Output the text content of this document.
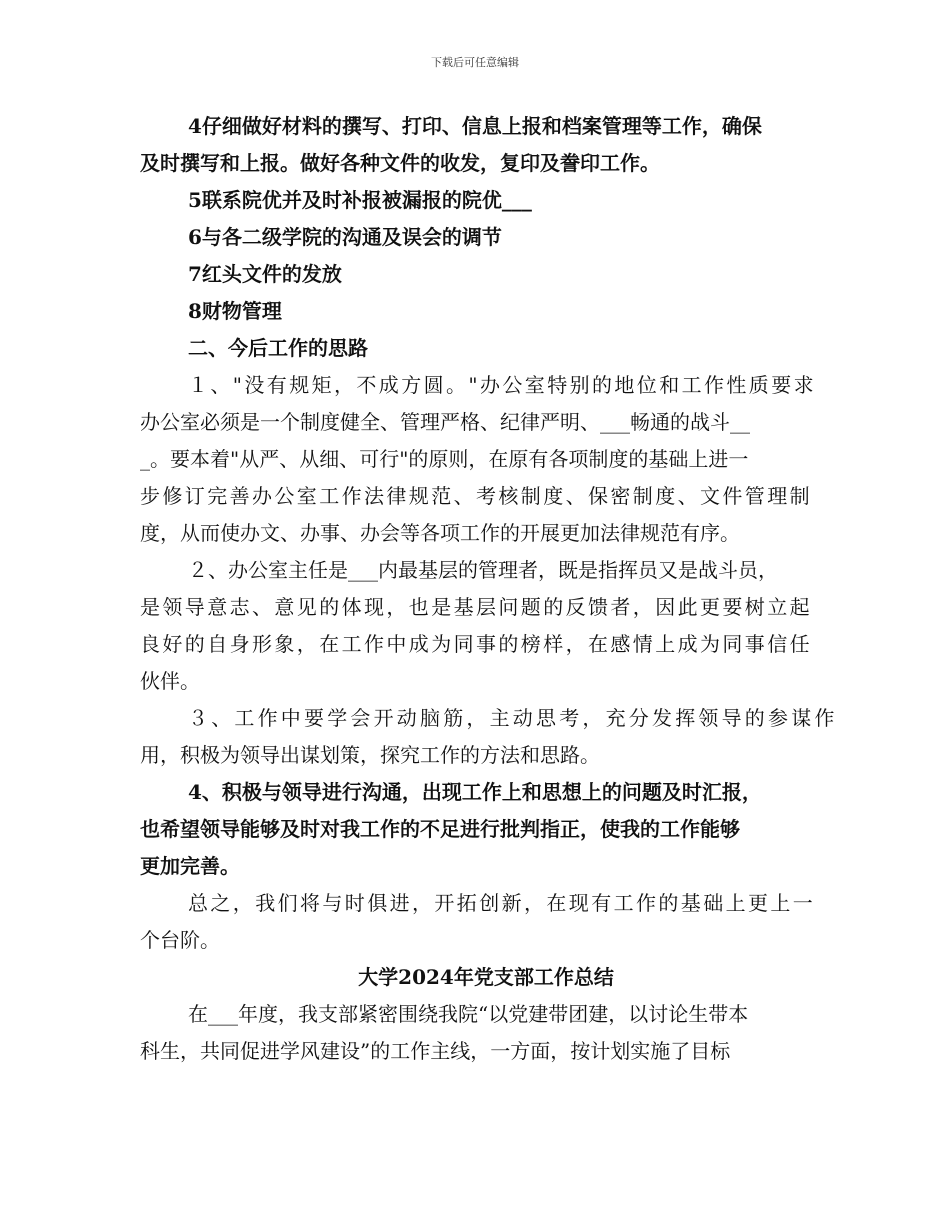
下载后可任意编辑
4仔细做好材料的撰写、打印、信息上报和档案管理等工作，确保
及时撰写和上报。做好各种文件的收发，复印及誊印工作。
5联系院优并及时补报被漏报的院优___
6与各二级学院的沟通及误会的调节
7红头文件的发放
8财物管理
二、今后工作的思路
１、"没有规矩，不成方圆。"办公室特别的地位和工作性质要求
办公室必须是一个制度健全、管理严格、纪律严明、___畅通的战斗__
_。要本着"从严、从细、可行"的原则，在原有各项制度的基础上进一
步修订完善办公室工作法律规范、考核制度、保密制度、文件管理制
度，从而使办文、办事、办会等各项工作的开展更加法律规范有序。
２、办公室主任是___内最基层的管理者，既是指挥员又是战斗员，
是领导意志、意见的体现，也是基层问题的反馈者，因此更要树立起
良好的自身形象，在工作中成为同事的榜样，在感情上成为同事信任
伙伴。
３、工作中要学会开动脑筋，主动思考，充分发挥领导的参谋作
用，积极为领导出谋划策，探究工作的方法和思路。
4、积极与领导进行沟通，出现工作上和思想上的问题及时汇报，
也希望领导能够及时对我工作的不足进行批判指正，使我的工作能够
更加完善。
总之，我们将与时俱进，开拓创新，在现有工作的基础上更上一
个台阶。
大学2024年党支部工作总结
在___年度，我支部紧密围绕我院“以党建带团建，以讨论生带本
科生，共同促进学风建设”的工作主线，一方面，按计划实施了目标
